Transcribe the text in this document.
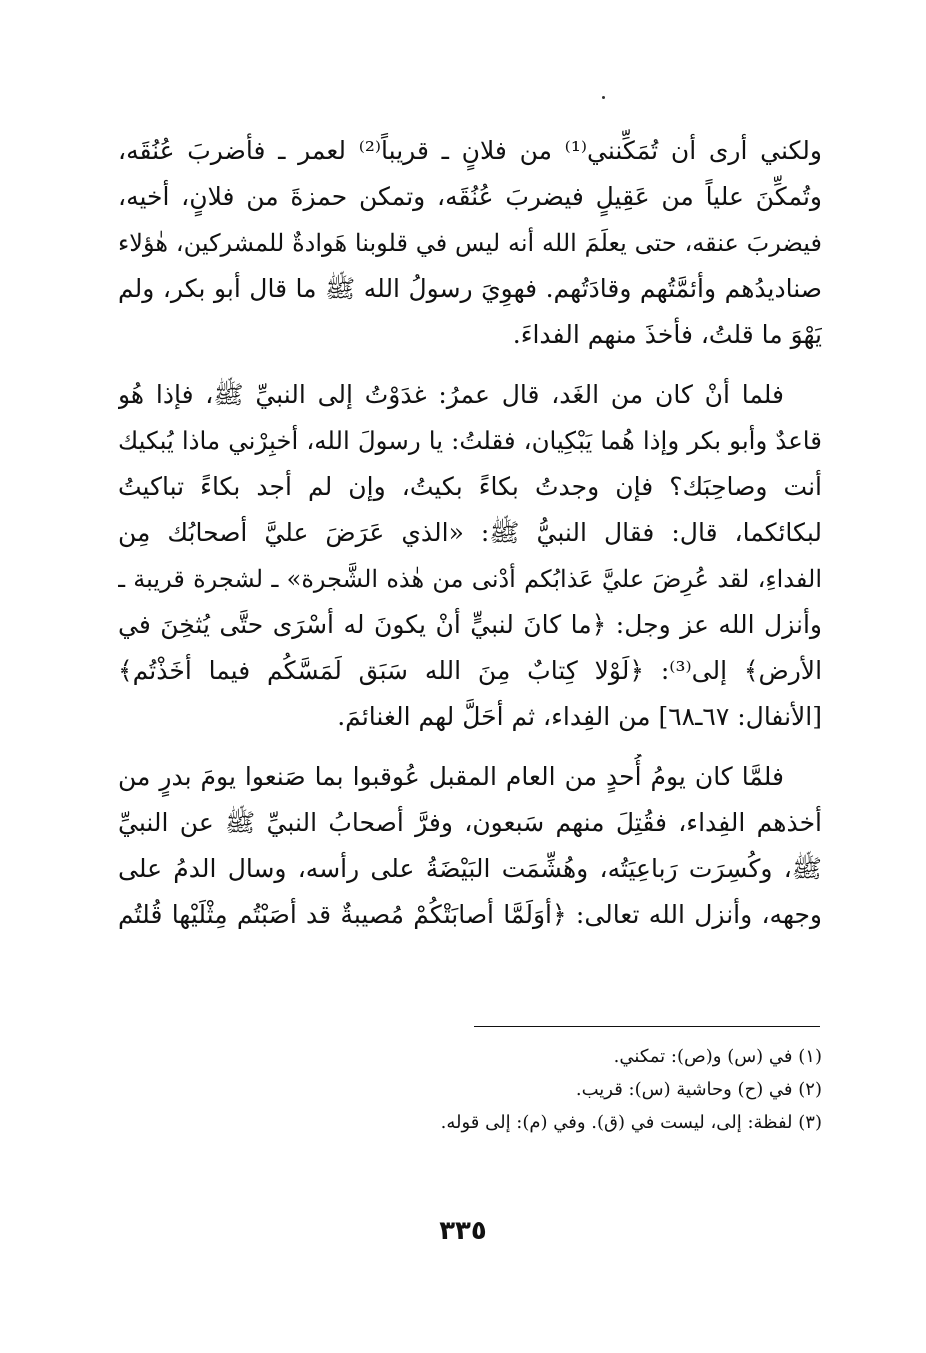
ولكني أرى أن تُمَكِّنني⁽¹⁾ من فلانٍ ـ قريباً⁽²⁾ لعمر ـ فأضربَ عُنُقَه،
وتُمكِّنَ علياً من عَقِيلٍ فيضربَ عُنُقَه، وتمكن حمزةَ من فلانٍ، أخيه،
فيضربَ عنقه، حتى يعلَمَ الله أنه ليس في قلوبنا هَوادةٌ للمشركين، هٰؤلاء
صناديدُهم وأئمَّتُهم وقادَتُهم. فهوِيَ رسولُ الله ﷺ ما قال أبو بكر، ولم
يَهْوَ ما قلتُ، فأخذَ منهم الفداءَ.
فلما أنْ كان من الغَد، قال عمرُ: غدَوْتُ إلى النبيِّ ﷺ، فإذا هُو
قاعدٌ وأبو بكر وإذا هُما يَبْكِيان، فقلتُ: يا رسولَ الله، أخبِرْني ماذا يُبكيك
أنت وصاحِبَك؟ فإن وجدتُ بكاءً بكيتُ، وإن لم أجد بكاءً تباكيتُ
لبكائكما، قال: فقال النبيُّ ﷺ: «الذي عَرَضَ عليَّ أصحابُك مِن
الفداءِ، لقد عُرِضَ عليَّ عَذابُكم أدْنى من هٰذه الشَّجرة» ـ لشجرة قريبة ـ
وأنزل الله عز وجل: ﴿ما كانَ لنبيٍّ أنْ يكونَ له أسْرَى حتَّى يُثخِنَ في
الأرض﴾ إلى⁽³⁾: ﴿لَوْلا كِتابٌ مِنَ الله سَبَق لَمَسَّكُم فيما أخَذْتُم﴾
[الأنفال: ٦٧ـ٦٨] من الفِداء، ثم أحَلَّ لهم الغنائمَ.
فلمَّا كان يومُ أُحدٍ من العام المقبل عُوقبوا بما صَنعوا يومَ بدرٍ من
أخذهم الفِداء، فقُتِلَ منهم سَبعون، وفرَّ أصحابُ النبيِّ ﷺ عن النبيِّ
ﷺ، وكُسِرَت رَباعِيَتُه، وهُشِّمَت البَيْضَةُ على رأسه، وسال الدمُ على
وجهه، وأنزل الله تعالى: ﴿أوَلَمَّا أصابَتْكُمْ مُصيبةٌ قد أصَبْتُم مِثْلَيْها قُلتُم
(١) في (س) و(ص): تمكني.
(٢) في (ح) وحاشية (س): قريب.
(٣) لفظة: إلى، ليست في (ق). وفي (م): إلى قوله.
٣٣٥
